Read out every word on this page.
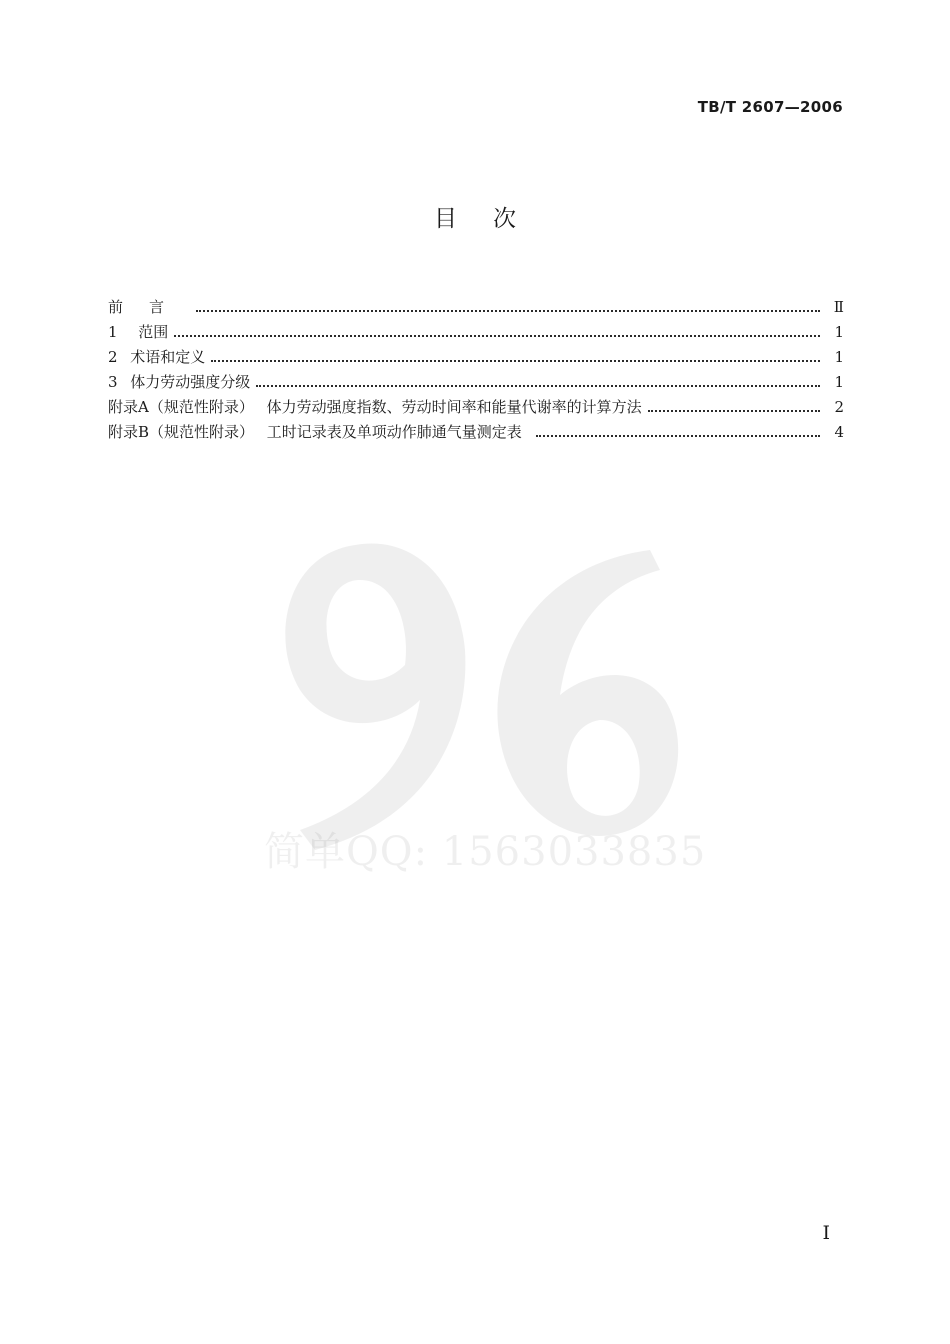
TB/T 2607—2006
目次
前言	Ⅱ
1 范围	1
2 术语和定义	1
3 体力劳动强度分级	1
附录A（规范性附录） 体力劳动强度指数、劳动时间率和能量代谢率的计算方法	2
附录B（规范性附录） 工时记录表及单项动作肺通气量测定表	4
简单QQ: 1563033835
Ⅰ
